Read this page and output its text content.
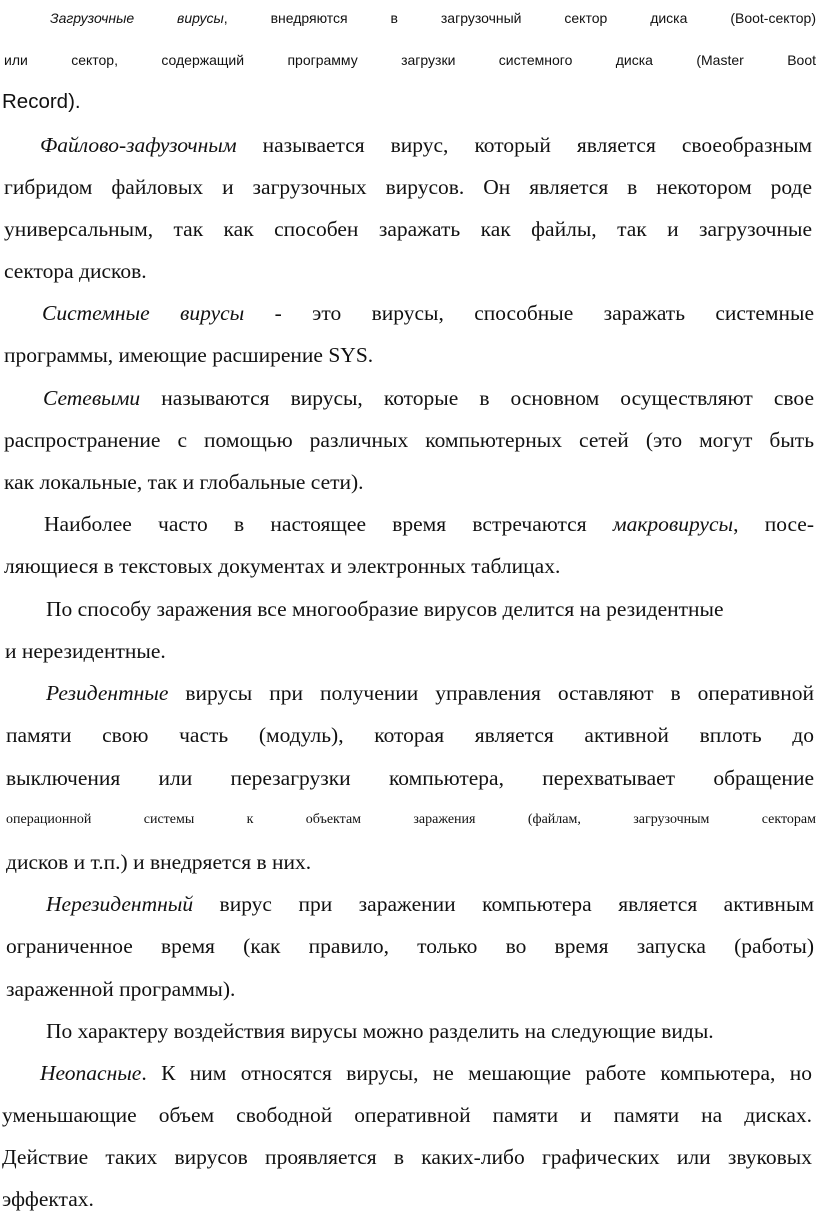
Загрузочные вирусы, внедряются в загрузочный сектор диска (Boot-сектор)
или сектор, содержащий программу загрузки системного диска (Master Boot
Record).
Файлово-зафузочным называется вирус, который является своеобразным
гибридом файловых и загрузочных вирусов. Он является в некотором роде
универсальным, так как способен заражать как файлы, так и загрузочные
сектора дисков.
Системные вирусы - это вирусы, способные заражать системные
программы, имеющие расширение SYS.
Сетевыми называются вирусы, которые в основном осуществляют свое
распространение с помощью различных компьютерных сетей (это могут быть
как локальные, так и глобальные сети).
Наиболее часто в настоящее время встречаются макровирусы, посе-
ляющиеся в текстовых документах и электронных таблицах.
По способу заражения все многообразие вирусов делится на резидентные
и нерезидентные.
Резидентные вирусы при получении управления оставляют в оперативной
памяти свою часть (модуль), которая является активной вплоть до
выключения или перезагрузки компьютера, перехватывает обращение
операционной системы к объектам заражения (файлам, загрузочным секторам
дисков и т.п.) и внедряется в них.
Нерезидентный вирус при заражении компьютера является активным
ограниченное время (как правило, только во время запуска (работы)
зараженной программы).
По характеру воздействия вирусы можно разделить на следующие виды.
Неопасные. К ним относятся вирусы, не мешающие работе компьютера, но
уменьшающие объем свободной оперативной памяти и памяти на дисках.
Действие таких вирусов проявляется в каких-либо графических или звуковых
эффектах.
